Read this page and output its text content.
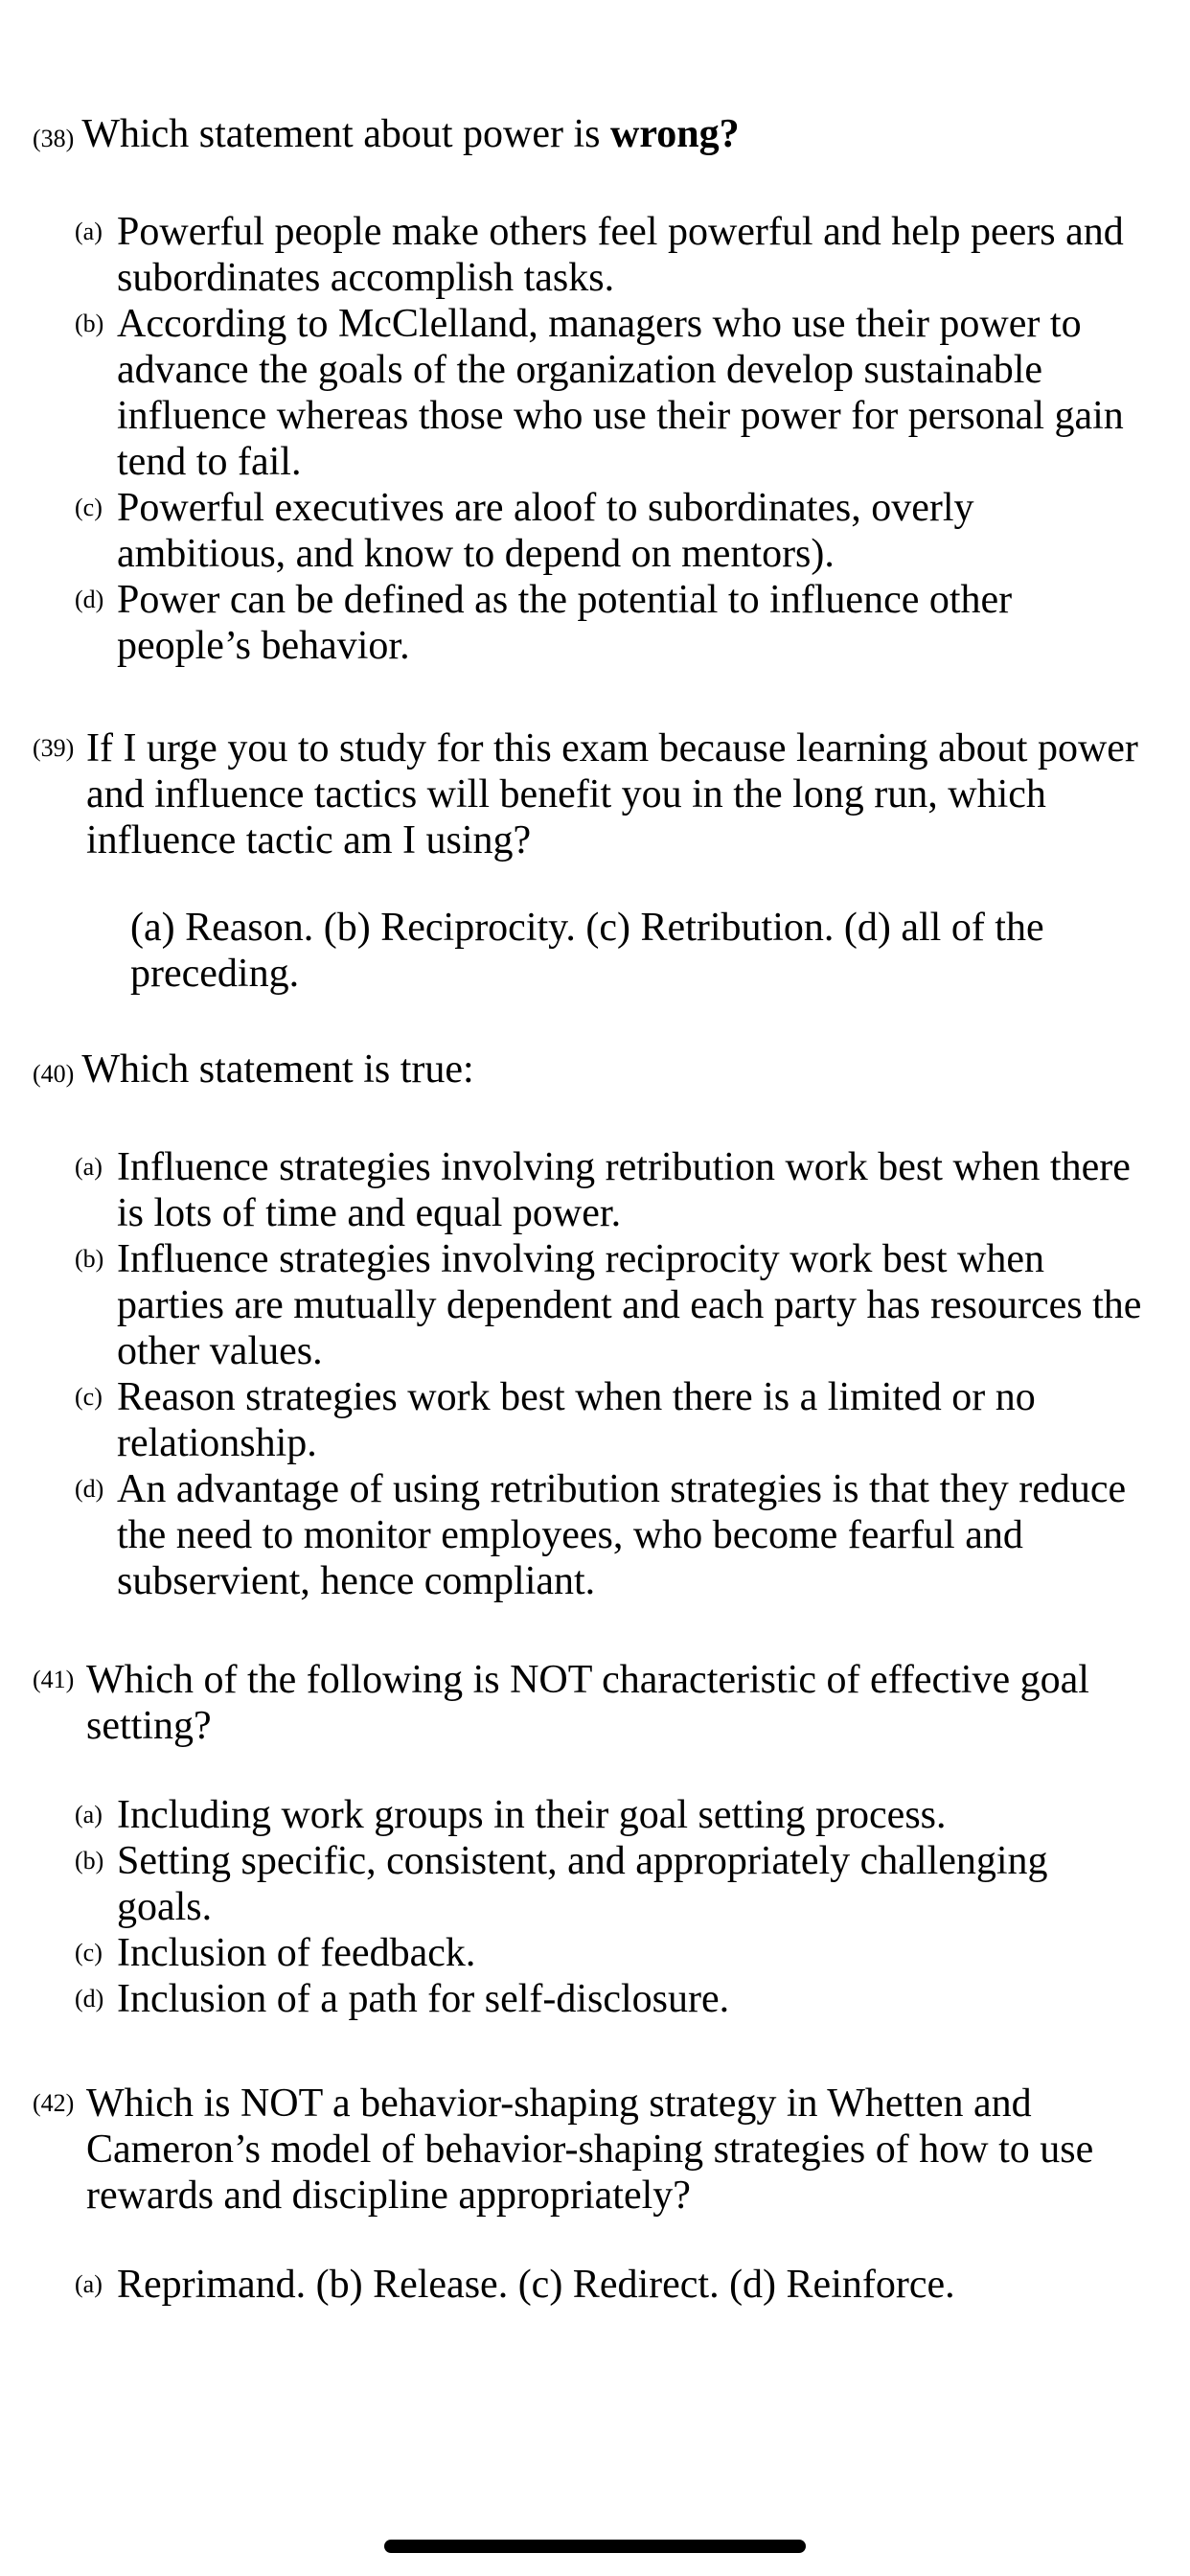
(38) Which statement about power is wrong?
(a) Powerful people make others feel powerful and help peers and subordinates accomplish tasks.
(b) According to McClelland, managers who use their power to advance the goals of the organization develop sustainable influence whereas those who use their power for personal gain tend to fail.
(c) Powerful executives are aloof to subordinates, overly ambitious, and know to depend on mentors).
(d) Power can be defined as the potential to influence other people’s behavior.
(39) If I urge you to study for this exam because learning about power and influence tactics will benefit you in the long run, which influence tactic am I using?
(a) Reason. (b) Reciprocity. (c) Retribution. (d) all of the preceding.
(40) Which statement is true:
(a) Influence strategies involving retribution work best when there is lots of time and equal power.
(b) Influence strategies involving reciprocity work best when parties are mutually dependent and each party has resources the other values.
(c) Reason strategies work best when there is a limited or no relationship.
(d) An advantage of using retribution strategies is that they reduce the need to monitor employees, who become fearful and subservient, hence compliant.
(41) Which of the following is NOT characteristic of effective goal setting?
(a) Including work groups in their goal setting process.
(b) Setting specific, consistent, and appropriately challenging goals.
(c) Inclusion of feedback.
(d) Inclusion of a path for self-disclosure.
(42) Which is NOT a behavior-shaping strategy in Whetten and Cameron’s model of behavior-shaping strategies of how to use rewards and discipline appropriately?
(a) Reprimand. (b) Release. (c) Redirect. (d) Reinforce.
